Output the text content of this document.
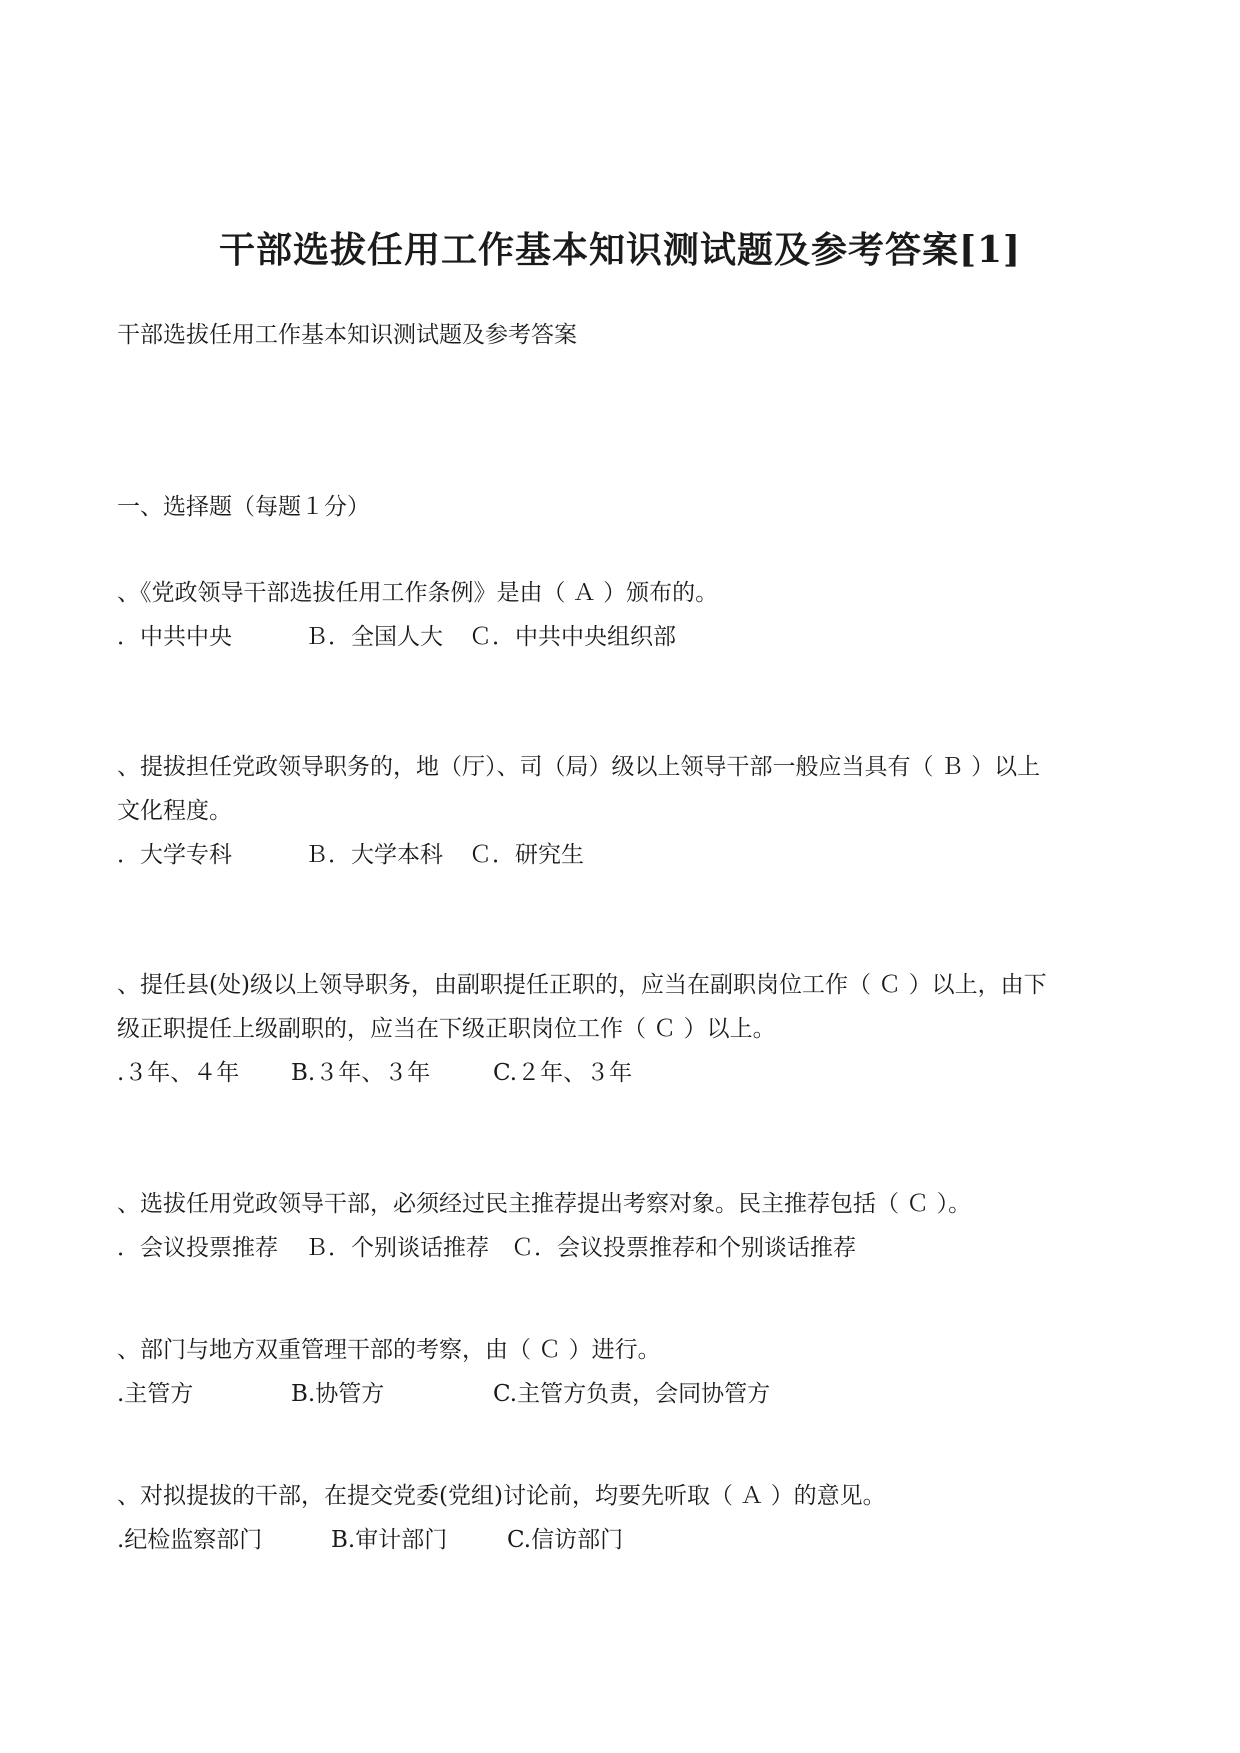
干部选拔任用工作基本知识测试题及参考答案[1]

干部选拔任用工作基本知识测试题及参考答案

一、选择题（每题１分）

、《党政领导干部选拔任用工作条例》是由（ Ａ ）颁布的。

．中共中央	Ｂ．全国人大 Ｃ．中共中央组织部

、提拔担任党政领导职务的，地（厅）、司（局）级以上领导干部一般应当具有（ Ｂ ）以上

文化程度。

．大学专科	Ｂ．大学本科 Ｃ．研究生

、提任县(处)级以上领导职务，由副职提任正职的，应当在副职岗位工作（ Ｃ ）以上，由下

级正职提任上级副职的，应当在下级正职岗位工作（ Ｃ ）以上。

.３年、４年 B.３年、３年	C.２年、３年

、选拔任用党政领导干部，必须经过民主推荐提出考察对象。民主推荐包括（ Ｃ ）。

．会议投票推荐 Ｂ．个别谈话推荐 Ｃ．会议投票推荐和个别谈话推荐

、部门与地方双重管理干部的考察，由（ Ｃ ）进行。

.主管方	B.协管方	C.主管方负责，会同协管方

、对拟提拔的干部，在提交党委(党组)讨论前，均要先听取（ Ａ ）的意见。

.纪检监察部门	B.审计部门	C.信访部门
